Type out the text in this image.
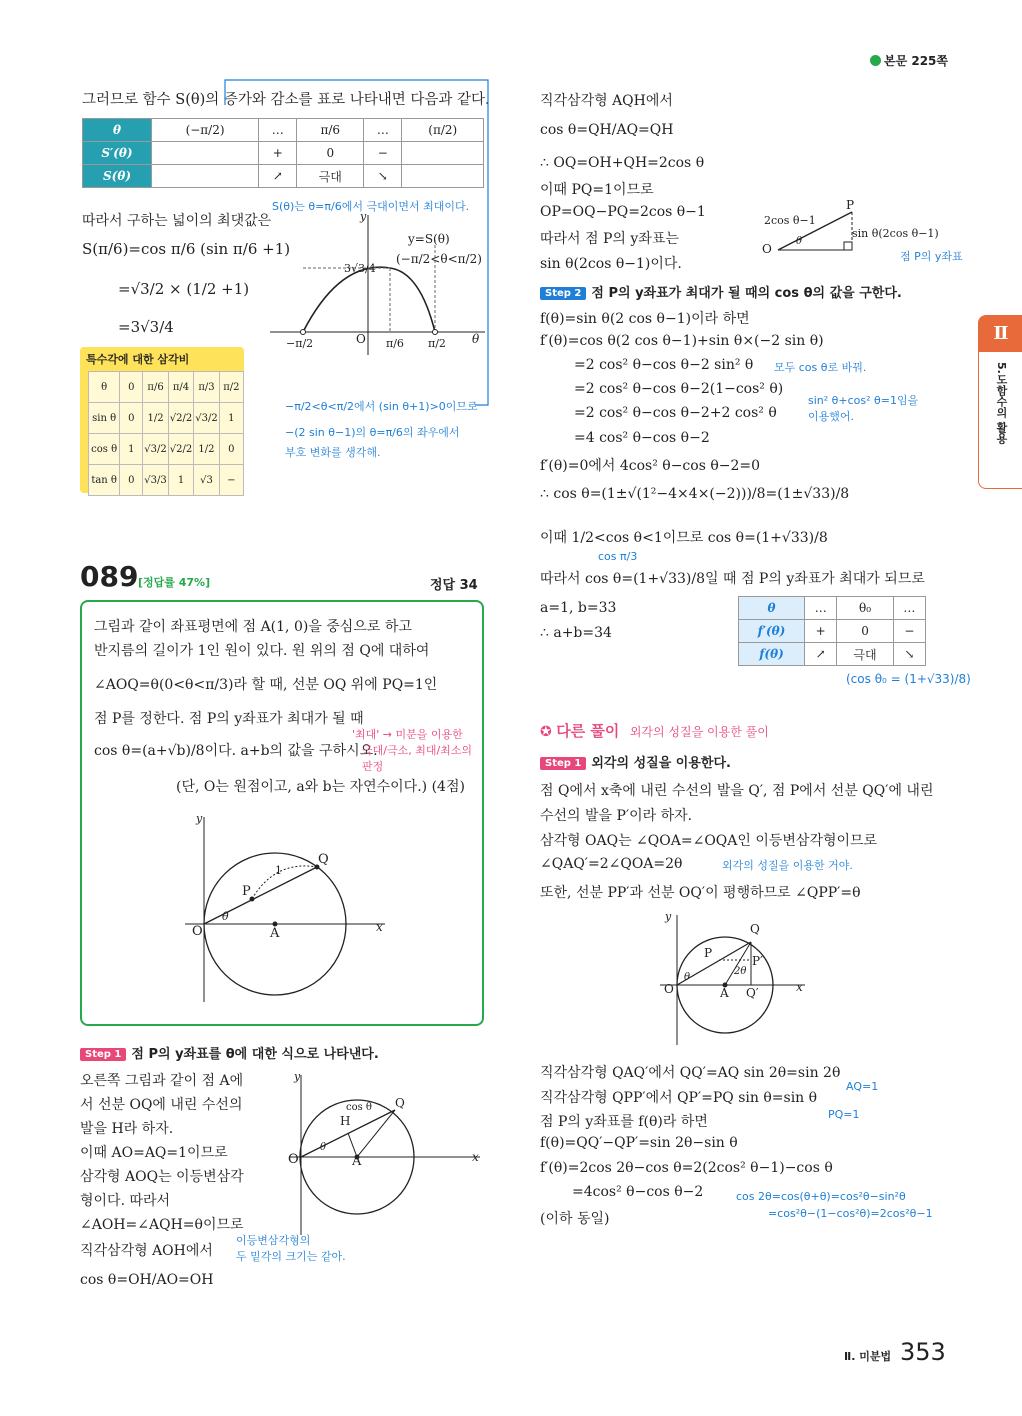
본문 225쪽
Ⅱ
5.도함수의 활용
그러므로 함수 S(θ)의 증가와 감소를 표로 나타내면 다음과 같다.
θ	(−π/2)	…	π/6	…	(π/2)
S′(θ)		+	0	−	
S(θ)		↗	극대	↘	
S(θ)는 θ=π/6에서 극대이면서 최대이다.
따라서 구하는 넓이의 최댓값은
S(π/6)=cos π/6 (sin π/6 +1)
=√3/2 × (1/2 +1)
=3√3/4
y
y=S(θ)
(−π/2<θ<π/2)
3√3/4
−π/2	O π/6 π/2 θ
−π/2<θ<π/2에서 (sin θ+1)>0이므로
−(2 sin θ−1)의 θ=π/6의 좌우에서
부호 변화를 생각해.
특수각에 대한 삼각비
θ	0	π/6	π/4	π/3	π/2
sin θ	0	1/2	√2/2	√3/2	1
cos θ	1	√3/2	√2/2	1/2	0
tan θ	0	√3/3	1	√3	−
089 [정답률 47%]	정답 34
그림과 같이 좌표평면에 점 A(1, 0)을 중심으로 하고
반지름의 길이가 1인 원이 있다. 원 위의 점 Q에 대하여
∠AOQ=θ(0<θ<π/3)라 할 때, 선분 OQ 위에 PQ=1인
점 P를 정한다. 점 P의 y좌표가 최대가 될 때
cos θ=(a+√b)/8이다. a+b의 값을 구하시오.
(단, O는 원점이고, a와 b는 자연수이다.) (4점)
'최대' → 미분을 이용한
극대/극소, 최대/최소의
판정
y
x
O	A
P
Q
θ
1
Step 1 점 P의 y좌표를 θ에 대한 식으로 나타낸다.
오른쪽 그림과 같이 점 A에
서 선분 OQ에 내린 수선의
발을 H라 하자.
이때 AO=AQ=1이므로
삼각형 AOQ는 이등변삼각
형이다. 따라서
∠AOH=∠AQH=θ이므로
직각삼각형 AOH에서
cos θ=OH/AO=OH
이등변삼각형의
두 밑각의 크기는 같아.
y
x
O	A
H
Q
cos θ
θ
직각삼각형 AQH에서
cos θ=QH/AQ=QH
∴ OQ=OH+QH=2cos θ
이때 PQ=1이므로
OP=OQ−PQ=2cos θ−1
따라서 점 P의 y좌표는
sin θ(2cos θ−1)이다.
P
O
θ
2cos θ−1
sin θ(2cos θ−1)
점 P의 y좌표
Step 2 점 P의 y좌표가 최대가 될 때의 cos θ의 값을 구한다.
f(θ)=sin θ(2 cos θ−1)이라 하면
f′(θ)=cos θ(2 cos θ−1)+sin θ×(−2 sin θ)
=2 cos² θ−cos θ−2 sin² θ
=2 cos² θ−cos θ−2(1−cos² θ)
=2 cos² θ−cos θ−2+2 cos² θ
=4 cos² θ−cos θ−2
f′(θ)=0에서 4cos² θ−cos θ−2=0
∴ cos θ=(1±√(1²−4×4×(−2)))/8=(1±√33)/8
이때 1/2<cos θ<1이므로 cos θ=(1+√33)/8
따라서 cos θ=(1+√33)/8일 때 점 P의 y좌표가 최대가 되므로
a=1, b=33
∴ a+b=34
모두 cos θ로 바꿔.
sin² θ+cos² θ=1임을
이용했어.
cos π/3
θ	…	θ₀	…
f′(θ)	+	0	−
f(θ)	↗	극대	↘
(cos θ₀ = (1+√33)/8)
✪ 다른 풀이 외각의 성질을 이용한 풀이
Step 1 외각의 성질을 이용한다.
점 Q에서 x축에 내린 수선의 발을 Q′, 점 P에서 선분 QQ′에 내린
수선의 발을 P′이라 하자.
삼각형 OAQ는 ∠QOA=∠OQA인 이등변삼각형이므로
∠QAQ′=2∠QOA=2θ
또한, 선분 PP′과 선분 OQ′이 평행하므로 ∠QPP′=θ
외각의 성질을 이용한 거야.
y
x
O	A
Q
Q′
P
P′
θ
2θ
직각삼각형 QAQ′에서 QQ′=AQ sin 2θ=sin 2θ
직각삼각형 QPP′에서 QP′=PQ sin θ=sin θ
점 P의 y좌표를 f(θ)라 하면
f(θ)=QQ′−QP′=sin 2θ−sin θ
f′(θ)=2cos 2θ−cos θ=2(2cos² θ−1)−cos θ
=4cos² θ−cos θ−2
(이하 동일)
AQ=1
PQ=1
cos 2θ=cos(θ+θ)=cos²θ−sin²θ
=cos²θ−(1−cos²θ)=2cos²θ−1
Ⅱ. 미분법 353
